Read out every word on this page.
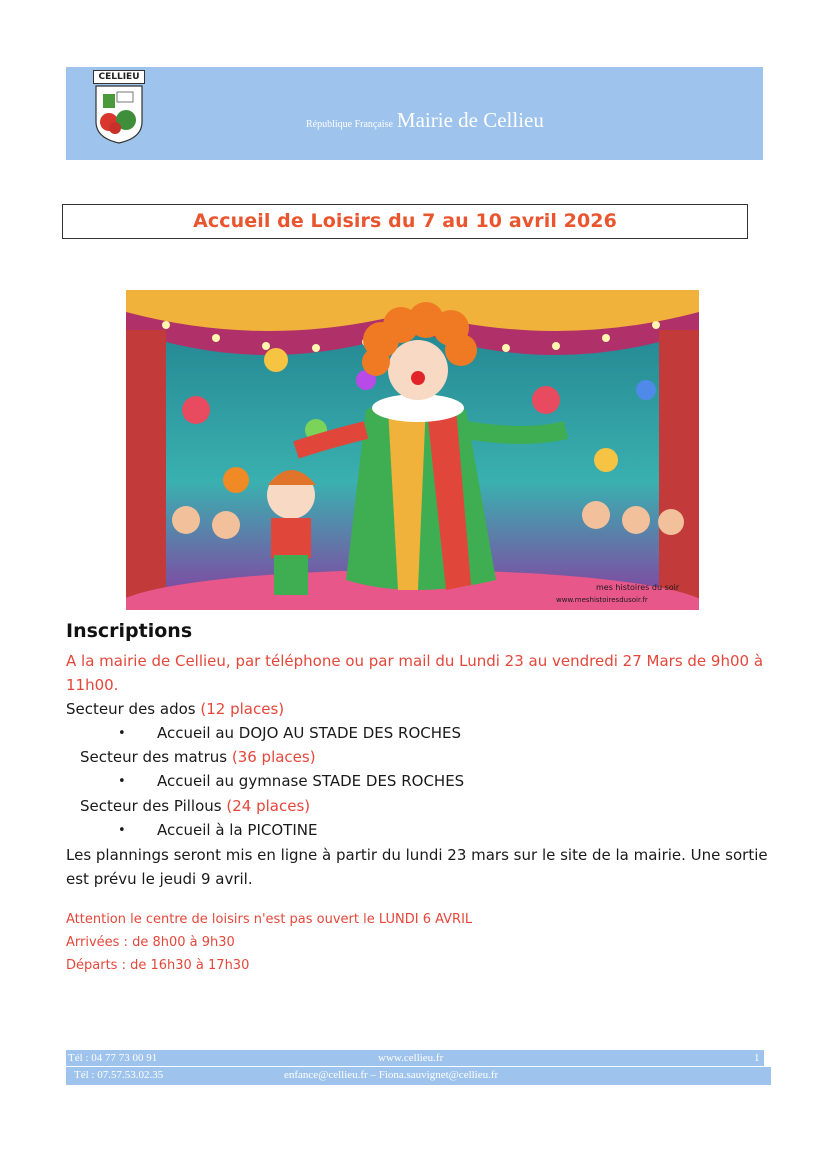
CELLIEU
République Française Mairie de Cellieu
Accueil de Loisirs du 7 au 10 avril 2026
mes histoires du soir
www.meshistoiresdusoir.fr
Inscriptions
A la mairie de Cellieu, par téléphone ou par mail du Lundi 23 au vendredi 27 Mars de 9h00 à
11h00.
Secteur des ados (12 places)
• Accueil au DOJO AU STADE DES ROCHES
Secteur des matrus (36 places)
• Accueil au gymnase STADE DES ROCHES
Secteur des Pillous (24 places)
• Accueil à la PICOTINE
Les plannings seront mis en ligne à partir du lundi 23 mars sur le site de la mairie. Une sortie
est prévu le jeudi 9 avril.
Attention le centre de loisirs n'est pas ouvert le LUNDI 6 AVRIL
Arrivées : de 8h00 à 9h30
Départs : de 16h30 à 17h30
Tél : 04 77 73 00 91	www.cellieu.fr	1
Tél : 07.57.53.02.35	enfance@cellieu.fr – Fiona.sauvignet@cellieu.fr
